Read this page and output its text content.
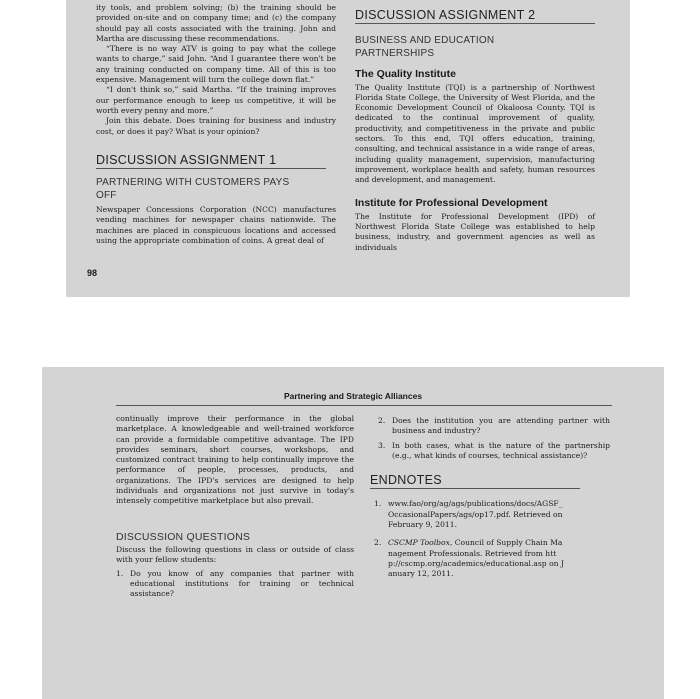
ity tools, and problem solving; (b) the training should be provided on-site and on company time; and (c) the company should pay all costs associated with the training. John and Martha are discussing these recommendations.

“There is no way ATV is going to pay what the college wants to charge,” said John. “And I guarantee there won't be any training conducted on company time. All of this is too expensive. Management will turn the college down flat.”

“I don't think so,” said Martha. “If the training improves our performance enough to keep us competitive, it will be worth every penny and more.”

Join this debate. Does training for business and industry cost, or does it pay? What is your opinion?

DISCUSSION ASSIGNMENT 1
PARTNERING WITH CUSTOMERS PAYS OFF

Newspaper Concessions Corporation (NCC) manufactures vending machines for newspaper chains nationwide. The machines are placed in conspicuous locations and accessed using the appropriate combination of coins. A great deal of

DISCUSSION ASSIGNMENT 2
BUSINESS AND EDUCATION PARTNERSHIPS
The Quality Institute

The Quality Institute (TQI) is a partnership of Northwest Florida State College, the University of West Florida, and the Economic Development Council of Okaloosa County. TQI is dedicated to the continual improvement of quality, productivity, and competitiveness in the private and public sectors. To this end, TQI offers education, training, consulting, and technical assistance in a wide range of areas, including quality management, supervision, manufacturing improvement, workplace health and safety, human resources and development, and management.

Institute for Professional Development

The Institute for Professional Development (IPD) of Northwest Florida State College was established to help business, industry, and government agencies as well as individuals

98
Partnering and Strategic Alliances

continually improve their performance in the global marketplace. A knowledgeable and well-trained workforce can provide a formidable competitive advantage. The IPD provides seminars, short courses, workshops, and customized contract training to help continually improve the performance of people, processes, products, and organizations. The IPD's services are designed to help individuals and organizations not just survive in today's intensely competitive marketplace but also prevail.

DISCUSSION QUESTIONS

Discuss the following questions in class or outside of class with your fellow students:

1. Do you know of any companies that partner with educational institutions for training or technical assistance?
2. Does the institution you are attending partner with business and industry?
3. In both cases, what is the nature of the partnership (e.g., what kinds of courses, technical assistance)?
ENDNOTES
1. www.fao/org/ag/ags/publications/docs/AGSF_OccasionalPapers/ags/op17.pdf. Retrieved on February 9, 2011.
2. CSCMP Toolbox, Council of Supply Chain Management Professionals. Retrieved from http://cscmp.org/academics/educational.asp on January 12, 2011.
